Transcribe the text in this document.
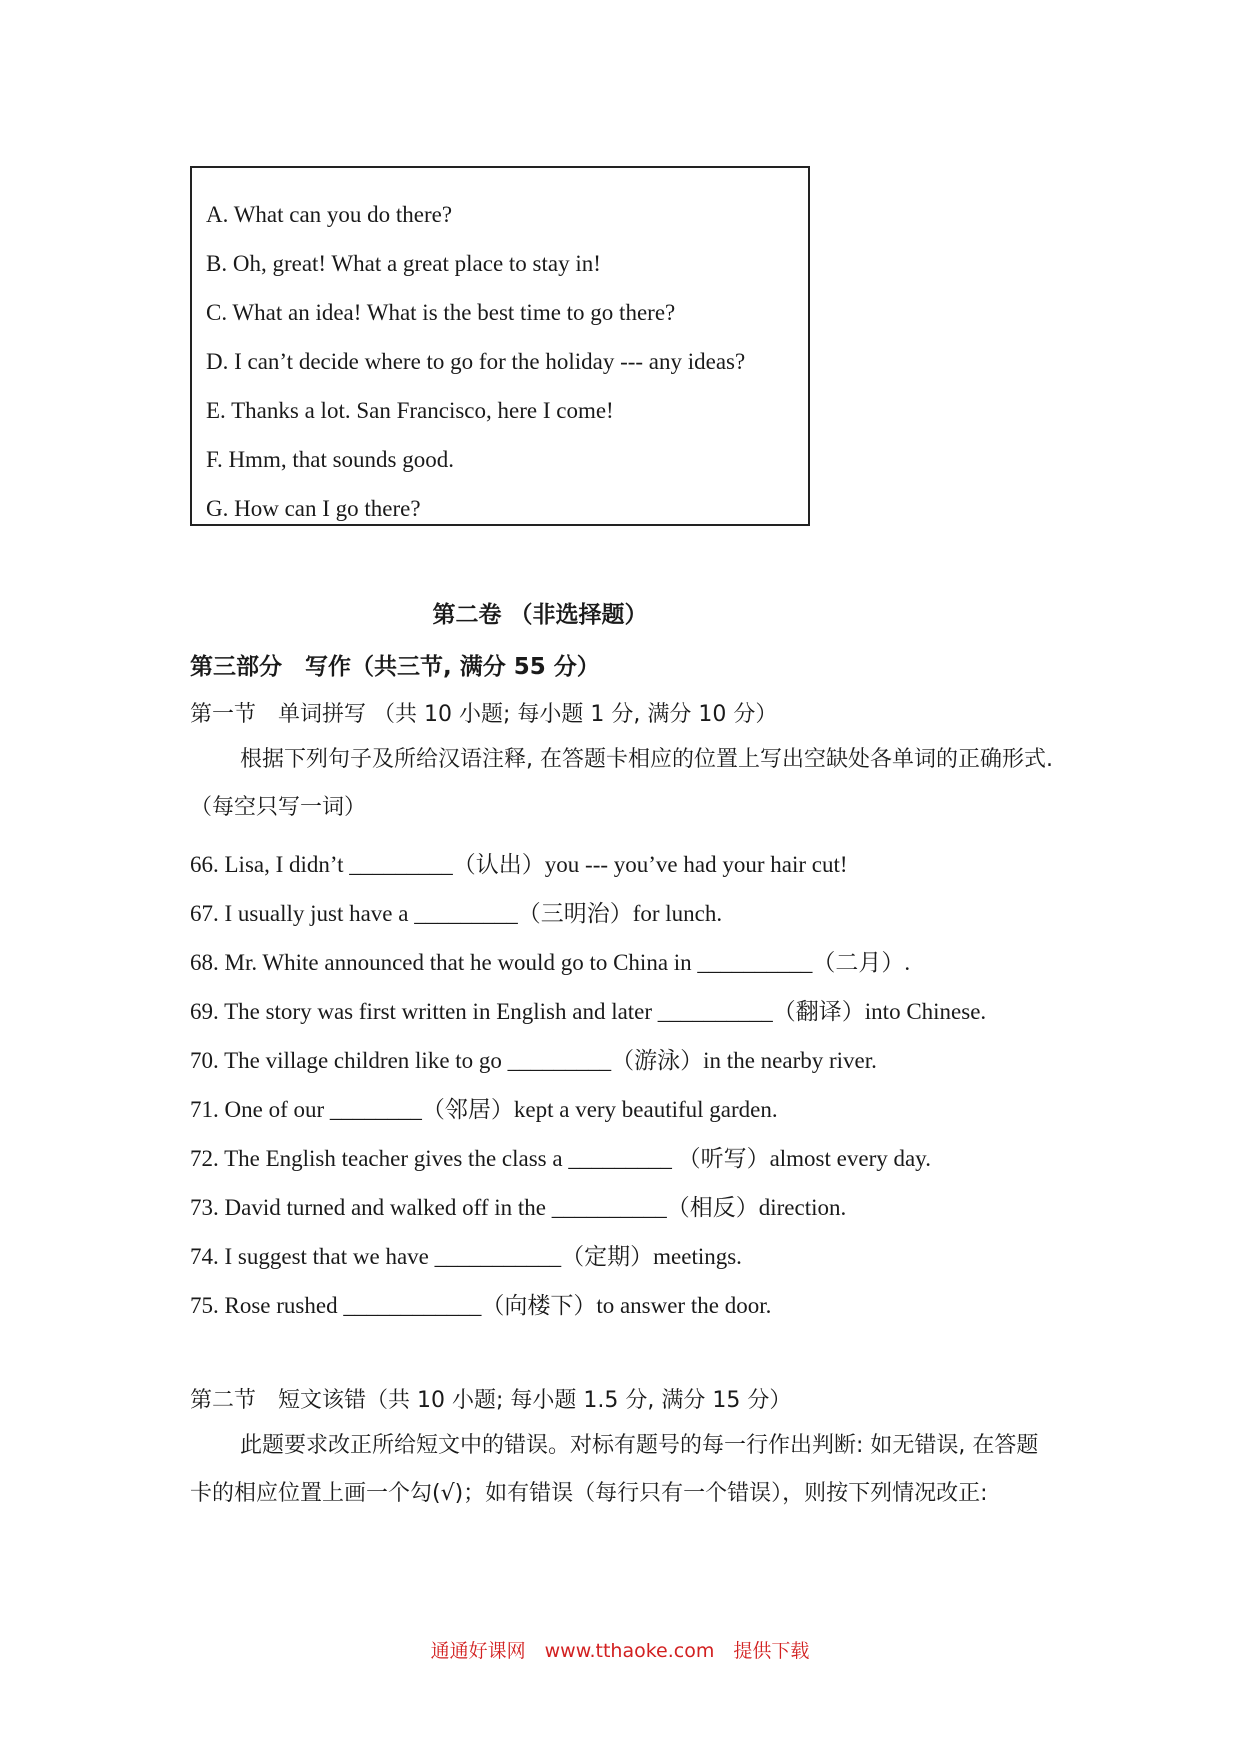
A. What can you do there?
B. Oh, great! What a great place to stay in!
C. What an idea! What is the best time to go there?
D. I can’t decide where to go for the holiday --- any ideas?
E. Thanks a lot. San Francisco, here I come!
F. Hmm, that sounds good.
G. How can I go there?
第二卷 （非选择题）
第三部分　写作（共三节, 满分 55 分）
第一节　单词拼写 （共 10 小题; 每小题 1 分, 满分 10 分）
根据下列句子及所给汉语注释, 在答题卡相应的位置上写出空缺处各单词的正确形式. （每空只写一词）
66. Lisa, I didn’t _________（认出）you --- you’ve had your hair cut!
67. I usually just have a _________（三明治）for lunch.
68. Mr. White announced that he would go to China in __________（二月）.
69. The story was first written in English and later __________（翻译）into Chinese.
70. The village children like to go _________（游泳）in the nearby river.
71. One of our ________（邻居）kept a very beautiful garden.
72. The English teacher gives the class a _________ （听写）almost every day.
73. David turned and walked off in the __________（相反）direction.
74. I suggest that we have ___________（定期）meetings.
75. Rose rushed ____________（向楼下）to answer the door.
第二节　短文该错（共 10 小题; 每小题 1.5 分, 满分 15 分）
此题要求改正所给短文中的错误。对标有题号的每一行作出判断: 如无错误, 在答题卡的相应位置上画一个勾(√)；如有错误（每行只有一个错误），则按下列情况改正:
通通好课网　www.tthaoke.com　提供下载
